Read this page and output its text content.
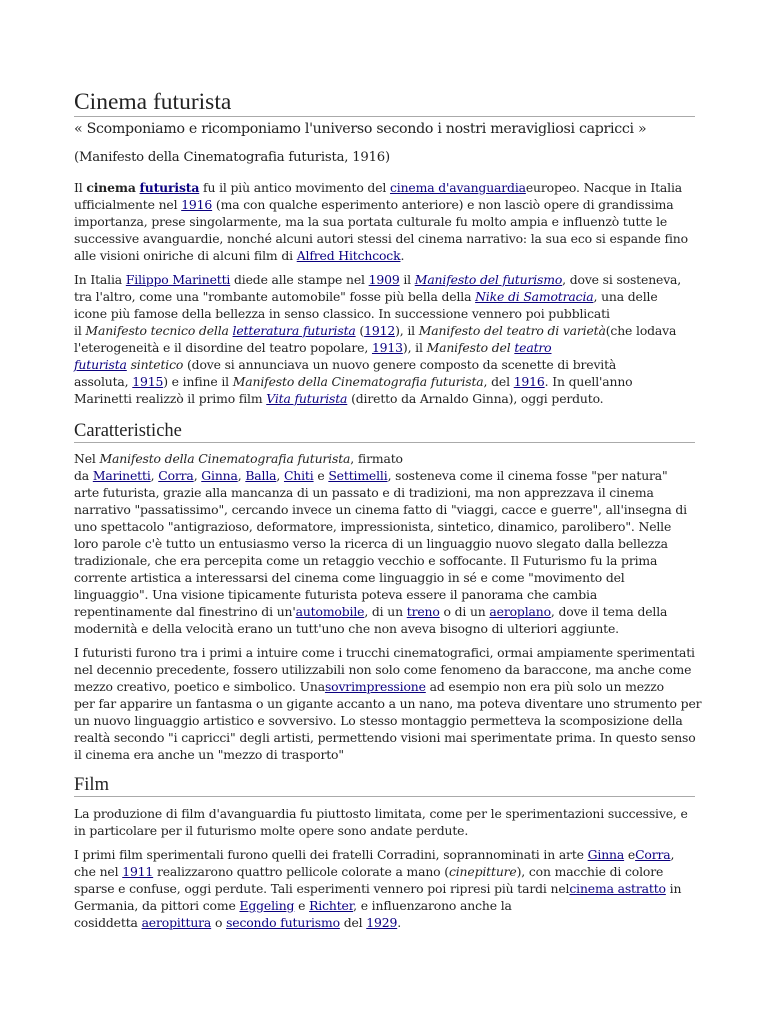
Cinema futurista
« Scomponiamo e ricomponiamo l'universo secondo i nostri meravigliosi capricci »
(Manifesto della Cinematografia futurista, 1916)
Il cinema futurista fu il più antico movimento del cinema d'avanguardiaeuropeo. Nacque in Italia
ufficialmente nel 1916 (ma con qualche esperimento anteriore) e non lasciò opere di grandissima
importanza, prese singolarmente, ma la sua portata culturale fu molto ampia e influenzò tutte le
successive avanguardie, nonché alcuni autori stessi del cinema narrativo: la sua eco si espande fino
alle visioni oniriche di alcuni film di Alfred Hitchcock.
In Italia Filippo Marinetti diede alle stampe nel 1909 il Manifesto del futurismo, dove si sosteneva,
tra l'altro, come una "rombante automobile" fosse più bella della Nike di Samotracia, una delle
icone più famose della bellezza in senso classico. In successione vennero poi pubblicati
il Manifesto tecnico della letteratura futurista (1912), il Manifesto del teatro di varietà(che lodava
l'eterogeneità e il disordine del teatro popolare, 1913), il Manifesto del teatro
futurista sintetico (dove si annunciava un nuovo genere composto da scenette di brevità
assoluta, 1915) e infine il Manifesto della Cinematografia futurista, del 1916. In quell'anno
Marinetti realizzò il primo film Vita futurista (diretto da Arnaldo Ginna), oggi perduto.
Caratteristiche
Nel Manifesto della Cinematografia futurista, firmato
da Marinetti, Corra, Ginna, Balla, Chiti e Settimelli, sosteneva come il cinema fosse "per natura"
arte futurista, grazie alla mancanza di un passato e di tradizioni, ma non apprezzava il cinema
narrativo "passatissimo", cercando invece un cinema fatto di "viaggi, cacce e guerre", all'insegna di
uno spettacolo "antigrazioso, deformatore, impressionista, sintetico, dinamico, parolibero". Nelle
loro parole c'è tutto un entusiasmo verso la ricerca di un linguaggio nuovo slegato dalla bellezza
tradizionale, che era percepita come un retaggio vecchio e soffocante. Il Futurismo fu la prima
corrente artistica a interessarsi del cinema come linguaggio in sé e come "movimento del
linguaggio". Una visione tipicamente futurista poteva essere il panorama che cambia
repentinamente dal finestrino di un'automobile, di un treno o di un aeroplano, dove il tema della
modernità e della velocità erano un tutt'uno che non aveva bisogno di ulteriori aggiunte.
I futuristi furono tra i primi a intuire come i trucchi cinematografici, ormai ampiamente sperimentati
nel decennio precedente, fossero utilizzabili non solo come fenomeno da baraccone, ma anche come
mezzo creativo, poetico e simbolico. Unasovrimpressione ad esempio non era più solo un mezzo
per far apparire un fantasma o un gigante accanto a un nano, ma poteva diventare uno strumento per
un nuovo linguaggio artistico e sovversivo. Lo stesso montaggio permetteva la scomposizione della
realtà secondo "i capricci" degli artisti, permettendo visioni mai sperimentate prima. In questo senso
il cinema era anche un "mezzo di trasporto"
Film
La produzione di film d'avanguardia fu piuttosto limitata, come per le sperimentazioni successive, e
in particolare per il futurismo molte opere sono andate perdute.
I primi film sperimentali furono quelli dei fratelli Corradini, soprannominati in arte Ginna eCorra,
che nel 1911 realizzarono quattro pellicole colorate a mano (cinepitture), con macchie di colore
sparse e confuse, oggi perdute. Tali esperimenti vennero poi ripresi più tardi nelcinema astratto in
Germania, da pittori come Eggeling e Richter, e influenzarono anche la
cosiddetta aeropittura o secondo futurismo del 1929.
